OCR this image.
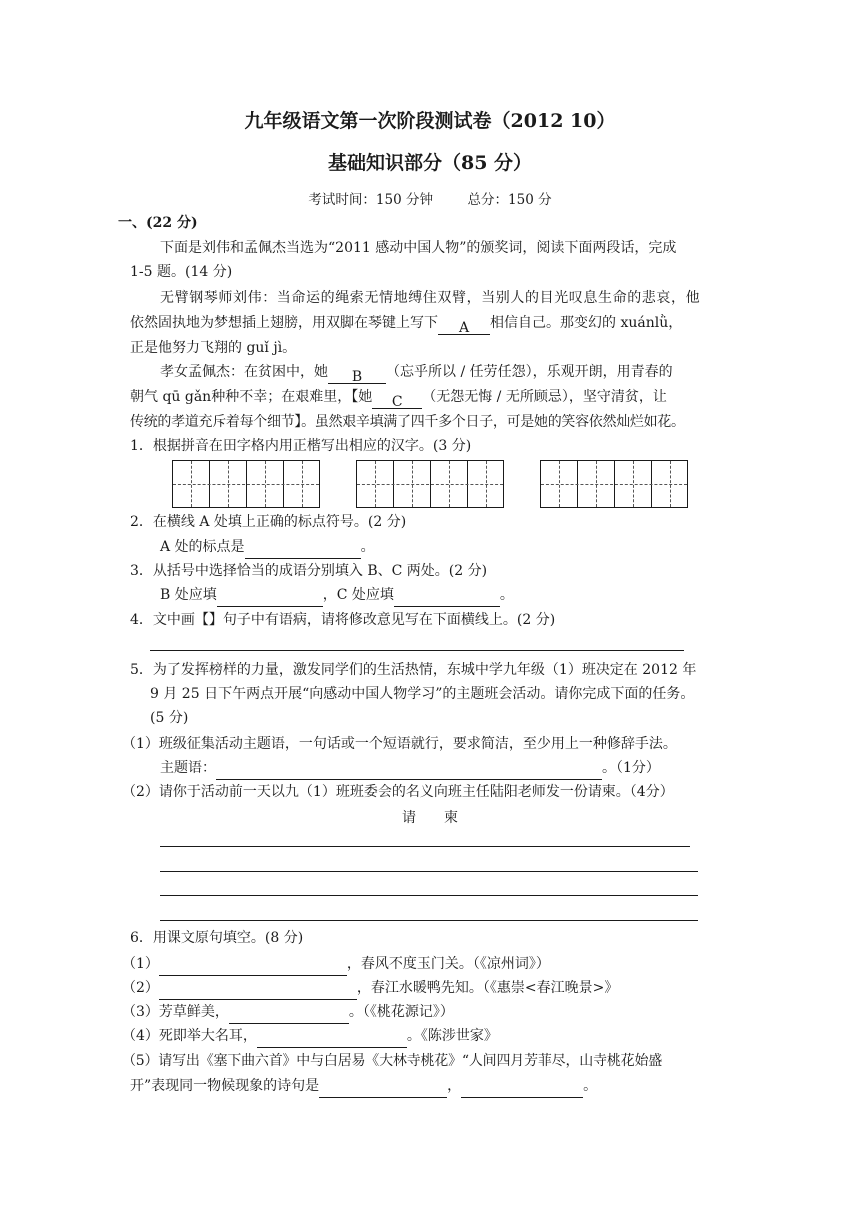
九年级语文第一次阶段测试卷（2012 10）
基础知识部分（85 分）
考试时间：150 分钟	总分：150 分
一、(22 分)
下面是刘伟和孟佩杰当选为“2011 感动中国人物”的颁奖词，阅读下面两段话，完成
1-5 题。(14 分)
无臂钢琴师刘伟：当命运的绳索无情地缚住双臂，当别人的目光叹息生命的悲哀，他
依然固执地为梦想插上翅膀，用双脚在琴键上写下 A 相信自己。那变幻的 xuánlǜ，
正是他努力飞翔的 guǐ jì。
孝女孟佩杰：在贫困中，她 B （忘乎所以 / 任劳任怨），乐观开朗，用青春的
朝气 qū gǎn种种不幸；在艰难里，【她 C （无怨无悔 / 无所顾忌），坚守清贫，让
传统的孝道充斥着每个细节】。虽然艰辛填满了四千多个日子，可是她的笑容依然灿烂如花。
1．根据拼音在田字格内用正楷写出相应的汉字。(3 分)
2．在横线 A 处填上正确的标点符号。(2 分)
A 处的标点是	。
3．从括号中选择恰当的成语分别填入 B、C 两处。(2 分)
B 处应填	，C 处应填	。
4．文中画【】句子中有语病，请将修改意见写在下面横线上。(2 分)
5．为了发挥榜样的力量，激发同学们的生活热情，东城中学九年级（1）班决定在 2012 年
9 月 25 日下午两点开展“向感动中国人物学习”的主题班会活动。请你完成下面的任务。
(5 分)
（1）班级征集活动主题语，一句话或一个短语就行，要求简洁，至少用上一种修辞手法。
主题语：	。（1分）
（2）请你于活动前一天以九（1）班班委会的名义向班主任陆阳老师发一份请柬。（4分）
请　　柬
6．用课文原句填空。(8 分)
（1）	，春风不度玉门关。（《凉州词》）
（2）	，春江水暖鸭先知。（《惠崇<春江晚景>》
（3）芳草鲜美，	。（《桃花源记》）
（4）死即举大名耳，	。《陈涉世家》
（5）请写出《塞下曲六首》中与白居易《大林寺桃花》“人间四月芳菲尽，山寺桃花始盛
开”表现同一物候现象的诗句是	，	。
